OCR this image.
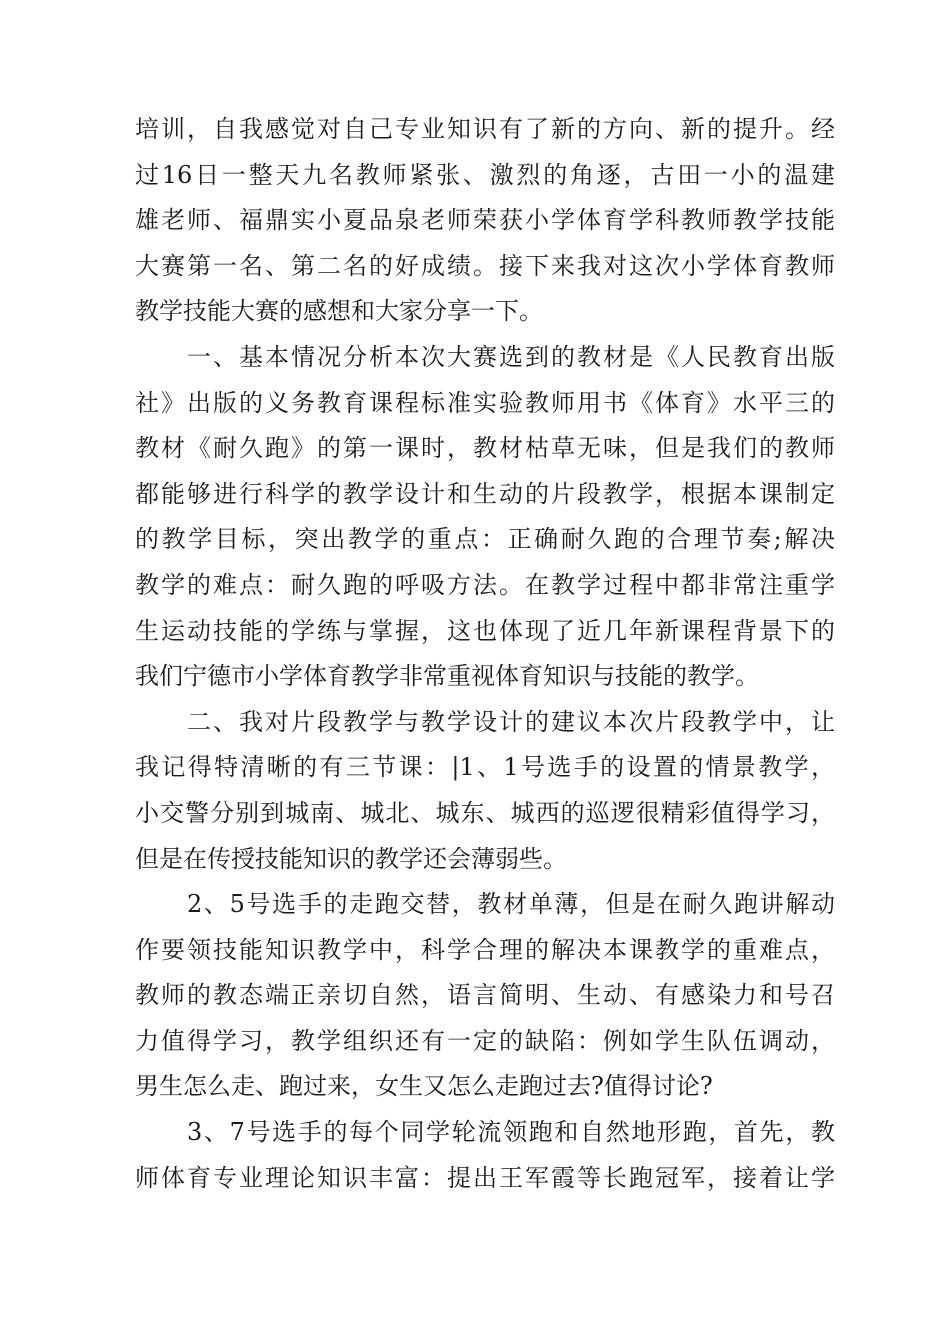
培训，自我感觉对自己专业知识有了新的方向、新的提升。经
过16日一整天九名教师紧张、激烈的角逐，古田一小的温建
雄老师、福鼎实小夏品泉老师荣获小学体育学科教师教学技能
大赛第一名、第二名的好成绩。接下来我对这次小学体育教师
教学技能大赛的感想和大家分享一下。
一、基本情况分析本次大赛选到的教材是《人民教育出版
社》出版的义务教育课程标准实验教师用书《体育》水平三的
教材《耐久跑》的第一课时，教材枯草无味，但是我们的教师
都能够进行科学的教学设计和生动的片段教学，根据本课制定
的教学目标，突出教学的重点：正确耐久跑的合理节奏;解决
教学的难点：耐久跑的呼吸方法。在教学过程中都非常注重学
生运动技能的学练与掌握，这也体现了近几年新课程背景下的
我们宁德市小学体育教学非常重视体育知识与技能的教学。
二、我对片段教学与教学设计的建议本次片段教学中，让
我记得特清晰的有三节课：|1、1号选手的设置的情景教学，
小交警分别到城南、城北、城东、城西的巡逻很精彩值得学习，
但是在传授技能知识的教学还会薄弱些。
2、5号选手的走跑交替，教材单薄，但是在耐久跑讲解动
作要领技能知识教学中，科学合理的解决本课教学的重难点，
教师的教态端正亲切自然，语言简明、生动、有感染力和号召
力值得学习，教学组织还有一定的缺陷：例如学生队伍调动，
男生怎么走、跑过来，女生又怎么走跑过去?值得讨论?
3、7号选手的每个同学轮流领跑和自然地形跑，首先，教
师体育专业理论知识丰富：提出王军霞等长跑冠军，接着让学
